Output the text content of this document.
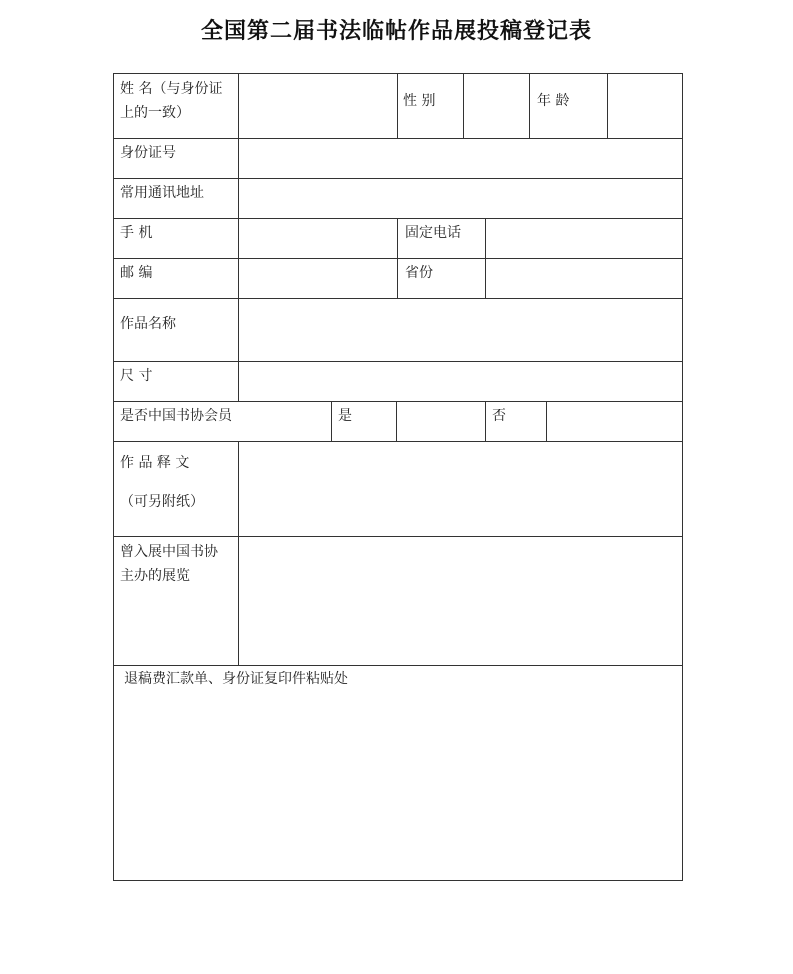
全国第二届书法临帖作品展投稿登记表
姓 名（与身份证
上的一致）
性 别	年 龄
身份证号
常用通讯地址
手 机	固定电话
邮 编	省份
作品名称
尺 寸
是否中国书协会员	是	否
作 品 释 文
（可另附纸）
曾入展中国书协
主办的展览
退稿费汇款单、身份证复印件粘贴处
